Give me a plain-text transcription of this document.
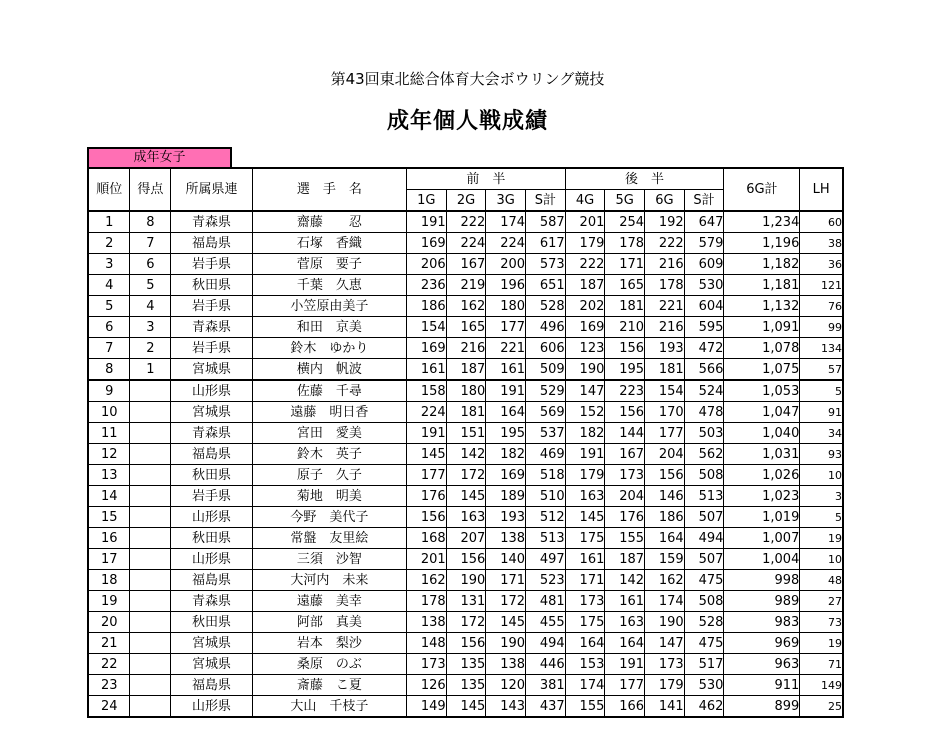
第43回東北総合体育大会ボウリング競技
成年個人戦成績
成年女子
順位	得点	所属県連	選　手　名	前　半				後　半				6G計	LH
				1G	2G	3G	S計	4G	5G	6G	S計		
1	8	青森県	齋藤　　忍	191	222	174	587	201	254	192	647	1,234	60
2	7	福島県	石塚　香織	169	224	224	617	179	178	222	579	1,196	38
3	6	岩手県	菅原　要子	206	167	200	573	222	171	216	609	1,182	36
4	5	秋田県	千葉　久恵	236	219	196	651	187	165	178	530	1,181	121
5	4	岩手県	小笠原由美子	186	162	180	528	202	181	221	604	1,132	76
6	3	青森県	和田　京美	154	165	177	496	169	210	216	595	1,091	99
7	2	岩手県	鈴木　ゆかり	169	216	221	606	123	156	193	472	1,078	134
8	1	宮城県	横内　帆波	161	187	161	509	190	195	181	566	1,075	57
9		山形県	佐藤　千尋	158	180	191	529	147	223	154	524	1,053	5
10		宮城県	遠藤　明日香	224	181	164	569	152	156	170	478	1,047	91
11		青森県	宮田　愛美	191	151	195	537	182	144	177	503	1,040	34
12		福島県	鈴木　英子	145	142	182	469	191	167	204	562	1,031	93
13		秋田県	原子　久子	177	172	169	518	179	173	156	508	1,026	10
14		岩手県	菊地　明美	176	145	189	510	163	204	146	513	1,023	3
15		山形県	今野　美代子	156	163	193	512	145	176	186	507	1,019	5
16		秋田県	常盤　友里絵	168	207	138	513	175	155	164	494	1,007	19
17		山形県	三須　沙智	201	156	140	497	161	187	159	507	1,004	10
18		福島県	大河内　未来	162	190	171	523	171	142	162	475	998	48
19		青森県	遠藤　美幸	178	131	172	481	173	161	174	508	989	27
20		秋田県	阿部　真美	138	172	145	455	175	163	190	528	983	73
21		宮城県	岩本　梨沙	148	156	190	494	164	164	147	475	969	19
22		宮城県	桑原　のぶ	173	135	138	446	153	191	173	517	963	71
23		福島県	斎藤　こ夏	126	135	120	381	174	177	179	530	911	149
24		山形県	大山　千枝子	149	145	143	437	155	166	141	462	899	25
